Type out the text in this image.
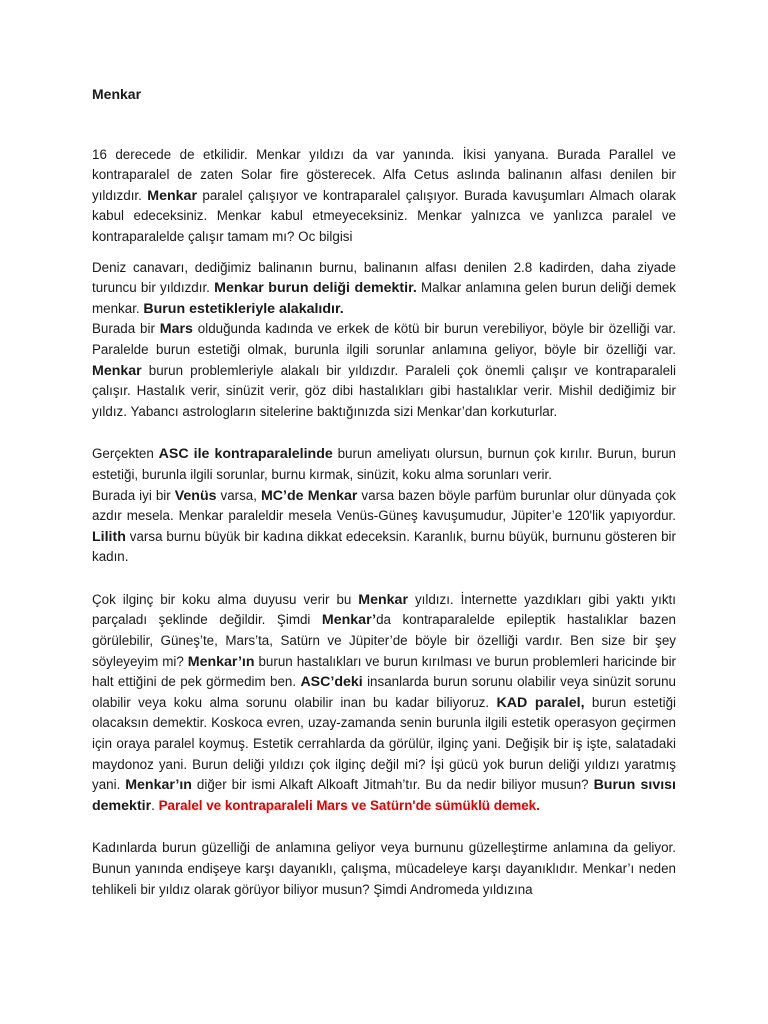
Menkar

16 derecede de etkilidir. Menkar yıldızı da var yanında. İkisi yanyana. Burada Parallel ve kontraparalel de zaten Solar fire gösterecek. Alfa Cetus aslında balinanın alfası denilen bir yıldızdır. Menkar paralel çalışıyor ve kontraparalel çalışıyor. Burada kavuşumları Almach olarak kabul edeceksiniz. Menkar kabul etmeyeceksiniz. Menkar yalnızca ve yanlızca paralel ve kontraparalelde çalışır tamam mı? Oc bilgisi

Deniz canavarı, dediğimiz balinanın burnu, balinanın alfası denilen 2.8 kadirden, daha ziyade turuncu bir yıldızdır. Menkar burun deliği demektir. Malkar anlamına gelen burun deliği demek menkar. Burun estetikleriyle alakalıdır.

Burada bir Mars olduğunda kadında ve erkek de kötü bir burun verebiliyor, böyle bir özelliği var. Paralelde burun estetiği olmak, burunla ilgili sorunlar anlamına geliyor, böyle bir özelliği var. Menkar burun problemleriyle alakalı bir yıldızdır. Paraleli çok önemli çalışır ve kontraparaleli çalışır. Hastalık verir, sinüzit verir, göz dibi hastalıkları gibi hastalıklar verir. Mishil dediğimiz bir yıldız. Yabancı astrologların sitelerine baktığınızda sizi Menkar’dan korkuturlar.

Gerçekten ASC ile kontraparalelinde burun ameliyatı olursun, burnun çok kırılır. Burun, burun estetiği, burunla ilgili sorunlar, burnu kırmak, sinüzit, koku alma sorunları verir.

Burada iyi bir Venüs varsa, MC’de Menkar varsa bazen böyle parfüm burunlar olur dünyada çok azdır mesela. Menkar paraleldir mesela Venüs-Güneş kavuşumudur, Jüpiter’e 120'lik yapıyordur. Lilith varsa burnu büyük bir kadına dikkat edeceksin. Karanlık, burnu büyük, burnunu gösteren bir kadın.

Çok ilginç bir koku alma duyusu verir bu Menkar yıldızı. İnternette yazdıkları gibi yaktı yıktı parçaladı şeklinde değildir. Şimdi Menkar’da kontraparalelde epileptik hastalıklar bazen görülebilir, Güneş’te, Mars’ta, Satürn ve Jüpiter’de böyle bir özelliği vardır. Ben size bir şey söyleyeyim mi? Menkar’ın burun hastalıkları ve burun kırılması ve burun problemleri haricinde bir halt ettiğini de pek görmedim ben. ASC’deki insanlarda burun sorunu olabilir veya sinüzit sorunu olabilir veya koku alma sorunu olabilir inan bu kadar biliyoruz. KAD paralel, burun estetiği olacaksın demektir. Koskoca evren, uzay-zamanda senin burunla ilgili estetik operasyon geçirmen için oraya paralel koymuş. Estetik cerrahlarda da görülür, ilginç yani. Değişik bir iş işte, salatadaki maydonoz yani. Burun deliği yıldızı çok ilginç değil mi? İşi gücü yok burun deliği yıldızı yaratmış yani. Menkar’ın diğer bir ismi Alkaft Alkoaft Jitmah’tır. Bu da nedir biliyor musun? Burun sıvısı demektir. Paralel ve kontraparaleli Mars ve Satürn'de sümüklü demek.

Kadınlarda burun güzelliği de anlamına geliyor veya burnunu güzelleştirme anlamına da geliyor. Bunun yanında endişeye karşı dayanıklı, çalışma, mücadeleye karşı dayanıklıdır. Menkar’ı neden tehlikeli bir yıldız olarak görüyor biliyor musun? Şimdi Andromeda yıldızına
